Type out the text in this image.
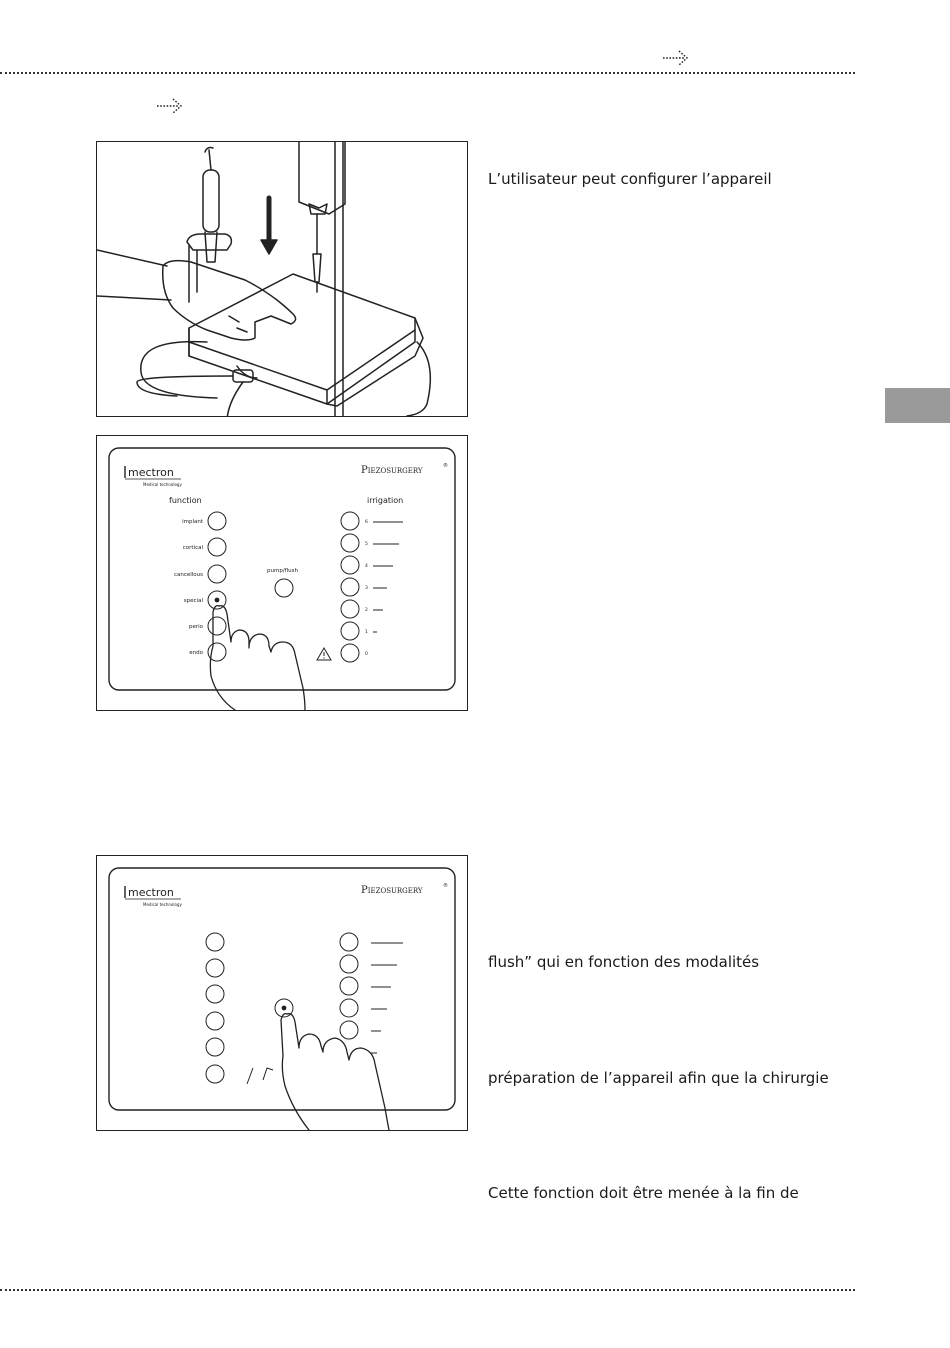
mectron
Medical technology
Piezosurgery	®
function	irrigation
implant
cortical
cancellous
special
perio
endo
pump/flush
6
5
4
3
2
1
0
mectron
Medical technology
Piezosurgery	®
L’utilisateur peut configurer l’appareil
flush” qui en fonction des modalités
préparation de l’appareil afin que la chirurgie
Cette fonction doit être menée à la fin de
